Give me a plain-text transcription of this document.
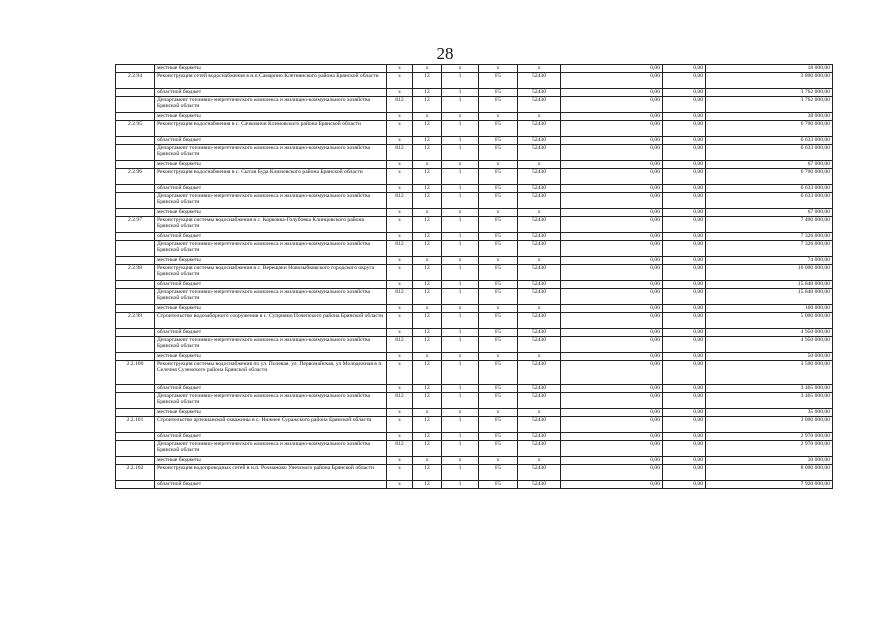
28
	местные бюджеты	x	x	x	x	x	0,00	0,00	18 000,00
2.2.94	Реконструкция сетей водоснабжения в н.п.Самарино Клетнянского района Брянской области	x	12	1	F5	52430	0,00	0,00	3 800 000,00
	областной бюджет	x	12	1	F5	52430	0,00	0,00	3 762 000,00
	Департамент топливно-энергетического комплекса и жилищно-коммунального хозяйства Брянской области	812	12	1	F5	52430	0,00	0,00	3 762 000,00
	местные бюджеты	x	x	x	x	x	0,00	0,00	38 000,00
2.2.95	Реконструкция водоснабжения в с. Сачковичи Климовского района Брянской области	x	12	1	F5	52430	0,00	0,00	6 700 000,00
	областной бюджет	x	12	1	F5	52430	0,00	0,00	6 633 000,00
	Департамент топливно-энергетического комплекса и жилищно-коммунального хозяйства Брянской области	812	12	1	F5	52430	0,00	0,00	6 633 000,00
	местные бюджеты	x	x	x	x	x	0,00	0,00	67 000,00
2.2.96	Реконструкция водоснабжения в с. Сытая Буда Климовского района Брянской области	x	12	1	F5	52430	0,00	0,00	6 700 000,00
	областной бюджет	x	12	1	F5	52430	0,00	0,00	6 633 000,00
	Департамент топливно-энергетического комплекса и жилищно-коммунального хозяйства Брянской области	812	12	1	F5	52430	0,00	0,00	6 633 000,00
	местные бюджеты	x	x	x	x	x	0,00	0,00	67 000,00
2.2.97	Реконструкция системы водоснабжения в с. Корковка-Голубовка Клинцовского района Брянской области	x	12	1	F5	52430	0,00	0,00	7 400 000,00
	областной бюджет	x	12	1	F5	52430	0,00	0,00	7 326 000,00
	Департамент топливно-энергетического комплекса и жилищно-коммунального хозяйства Брянской области	812	12	1	F5	52430	0,00	0,00	7 326 000,00
	местные бюджеты	x	x	x	x	x	0,00	0,00	74 000,00
2.2.98	Реконструкция системы водоснабжения в с. Верещаки Новозыбковского городского округа Брянской области	x	12	1	F5	52430	0,00	0,00	16 000 000,00
	областной бюджет	x	12	1	F5	52430	0,00	0,00	15 840 000,00
	Департамент топливно-энергетического комплекса и жилищно-коммунального хозяйства Брянской области	812	12	1	F5	52430	0,00	0,00	15 840 000,00
	местные бюджеты	x	x	x	x	x	0,00	0,00	160 000,00
2.2.99	Строительство водозаборного сооружения в с. Суприяно Почепского района Брянской области	x	12	1	F5	52430	0,00	0,00	5 000 000,00
	областной бюджет	x	12	1	F5	52430	0,00	0,00	4 950 000,00
	Департамент топливно-энергетического комплекса и жилищно-коммунального хозяйства Брянской области	812	12	1	F5	52430	0,00	0,00	4 950 000,00
	местные бюджеты	x	x	x	x	x	0,00	0,00	50 000,00
2.2.100	Реконструкция системы водоснабжения по ул. Полевая, ул. Первомайская, ул Молодежная в п. Селечня Суземского района Брянской области	x	12	1	F5	52430	0,00	0,00	3 500 000,00
	областной бюджет	x	12	1	F5	52430	0,00	0,00	3 465 000,00
	Департамент топливно-энергетического комплекса и жилищно-коммунального хозяйства Брянской области	812	12	1	F5	52430	0,00	0,00	3 465 000,00
	местные бюджеты	x	x	x	x	x	0,00	0,00	35 000,00
2.2.101	Строительство артезианской скважины в с. Нижнее Суражского района Брянской области	x	12	1	F5	52430	0,00	0,00	3 000 000,00
	областной бюджет	x	12	1	F5	52430	0,00	0,00	2 970 000,00
	Департамент топливно-энергетического комплекса и жилищно-коммунального хозяйства Брянской области	812	12	1	F5	52430	0,00	0,00	2 970 000,00
	местные бюджеты	x	x	x	x	x	0,00	0,00	30 000,00
2.2.102	Реконструкция водопроводных сетей в н.п. Рохманово Унечского района Брянской области	x	12	1	F5	52430	0,00	0,00	8 000 000,00
	областной бюджет	x	12	1	F5	52430	0,00	0,00	7 920 000,00
